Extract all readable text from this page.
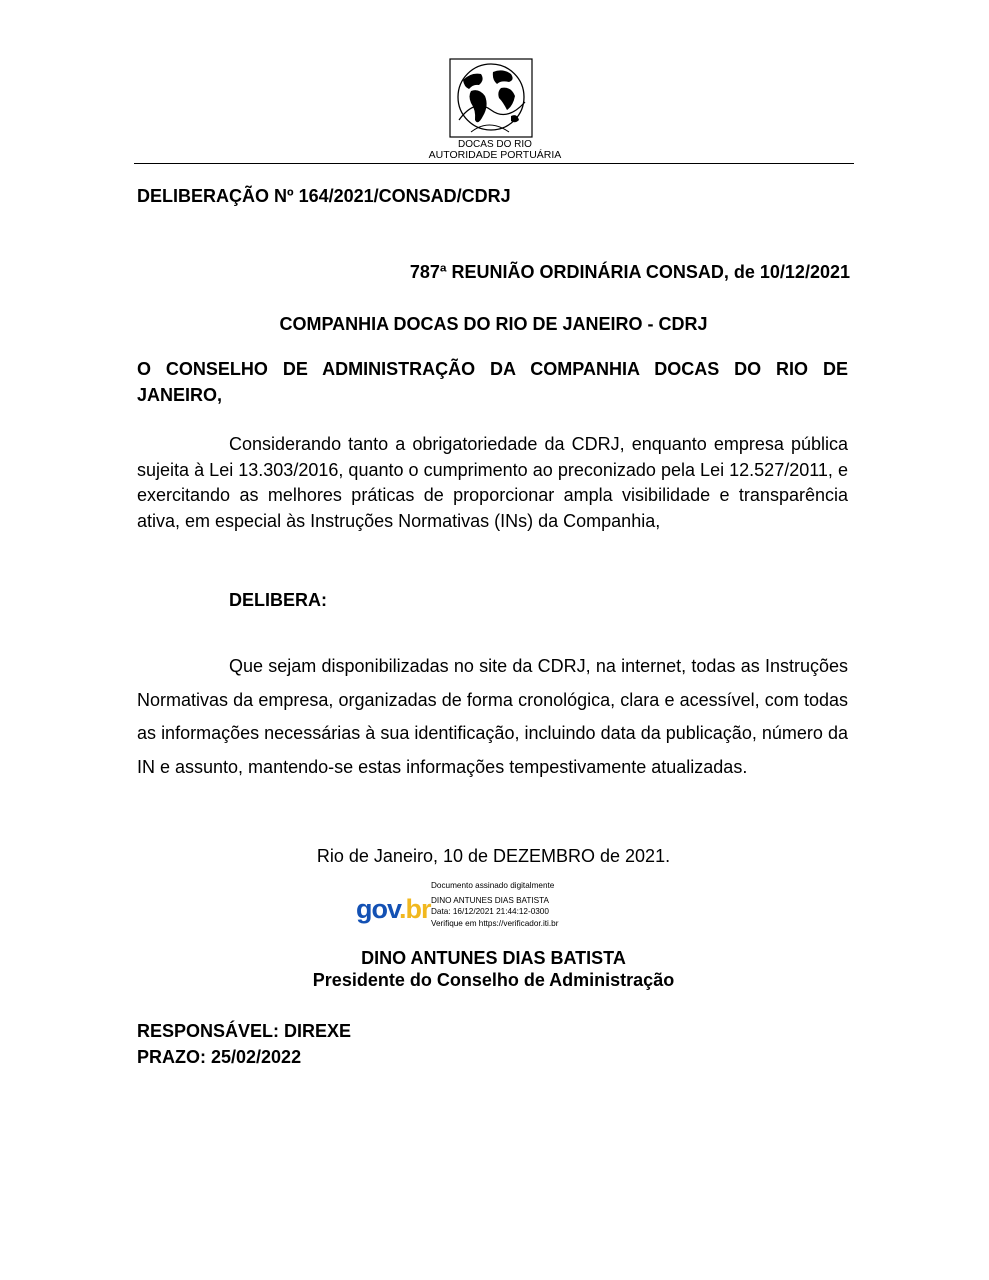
DOCAS DO RIO
AUTORIDADE PORTUÁRIA
DELIBERAÇÃO Nº 164/2021/CONSAD/CDRJ
787ª REUNIÃO ORDINÁRIA CONSAD, de 10/12/2021
COMPANHIA DOCAS DO RIO DE JANEIRO - CDRJ
O CONSELHO DE ADMINISTRAÇÃO DA COMPANHIA DOCAS DO RIO DE JANEIRO,
Considerando tanto a obrigatoriedade da CDRJ, enquanto empresa pública sujeita à Lei 13.303/2016, quanto o cumprimento ao preconizado pela Lei 12.527/2011, e exercitando as melhores práticas de proporcionar ampla visibilidade e transparência ativa, em especial às Instruções Normativas (INs) da Companhia,
DELIBERA:
Que sejam disponibilizadas no site da CDRJ, na internet, todas as Instruções Normativas da empresa, organizadas de forma cronológica, clara e acessível, com todas as informações necessárias à sua identificação, incluindo data da publicação, número da IN e assunto, mantendo-se estas informações tempestivamente atualizadas.
Rio de Janeiro, 10 de DEZEMBRO de 2021.
gov.br
Documento assinado digitalmente
DINO ANTUNES DIAS BATISTA
Data: 16/12/2021 21:44:12-0300
Verifique em https://verificador.iti.br
DINO ANTUNES DIAS BATISTA
Presidente do Conselho de Administração
RESPONSÁVEL: DIREXE
PRAZO: 25/02/2022
